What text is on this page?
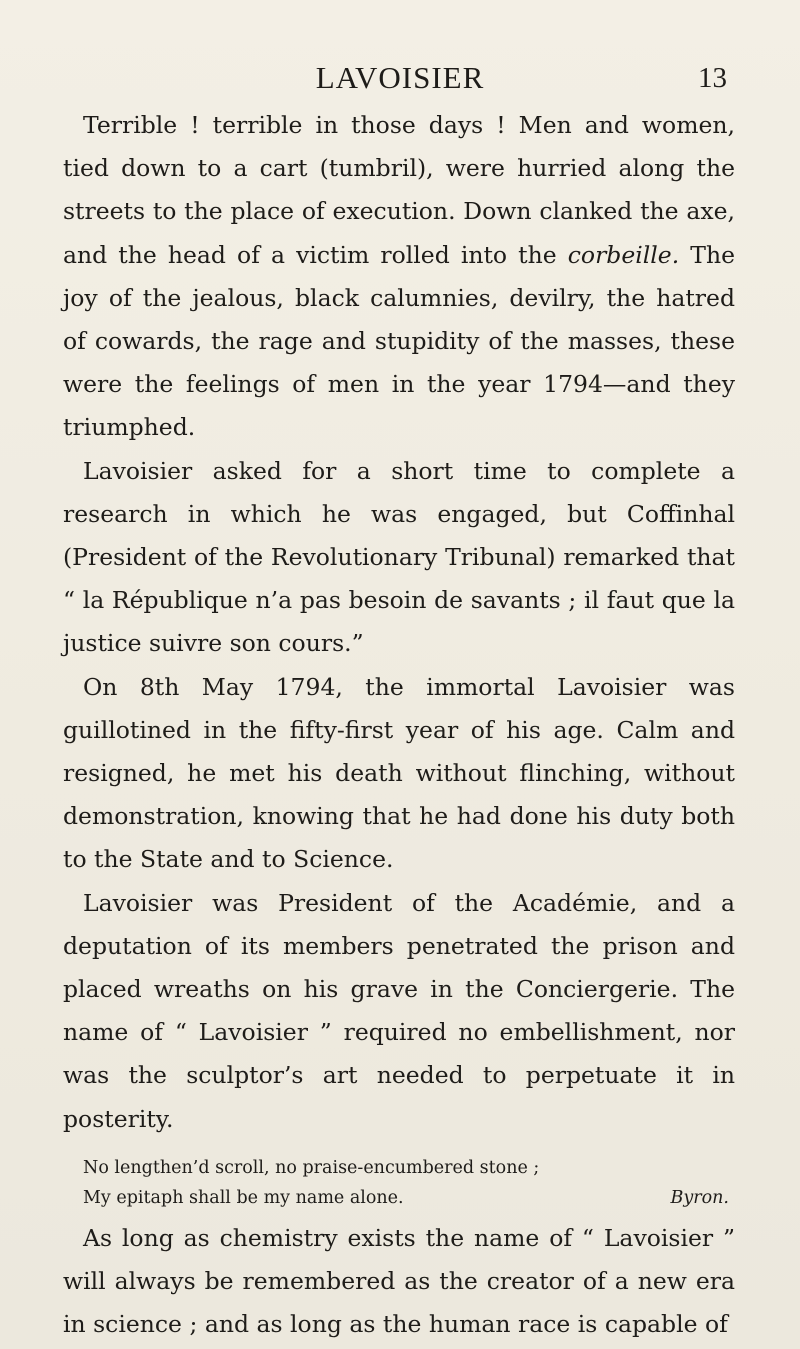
LAVOISIER	13

Terrible ! terrible in those days ! Men and women, tied down to a cart (tumbril), were hurried along the streets to the place of execution. Down clanked the axe, and the head of a victim rolled into the corbeille. The joy of the jealous, black calumnies, devilry, the hatred of cowards, the rage and stupidity of the masses, these were the feelings of men in the year 1794—and they triumphed.

Lavoisier asked for a short time to complete a research in which he was engaged, but Coffinhal (President of the Revolutionary Tribunal) remarked that “ la République n’a pas besoin de savants ; il faut que la justice suivre son cours.”

On 8th May 1794, the immortal Lavoisier was guillotined in the fifty-first year of his age. Calm and resigned, he met his death without flinching, without demonstration, knowing that he had done his duty both to the State and to Science.

Lavoisier was President of the Académie, and a deputation of its members penetrated the prison and placed wreaths on his grave in the Conciergerie. The name of “ Lavoisier ” required no embellishment, nor was the sculptor’s art needed to perpetuate it in posterity.

No lengthen’d scroll, no praise-encumbered stone ;
My epitaph shall be my name alone.	Byron.

As long as chemistry exists the name of “ Lavoisier ” will always be remembered as the creator of a new era in science ; and as long as the human race is capable of
